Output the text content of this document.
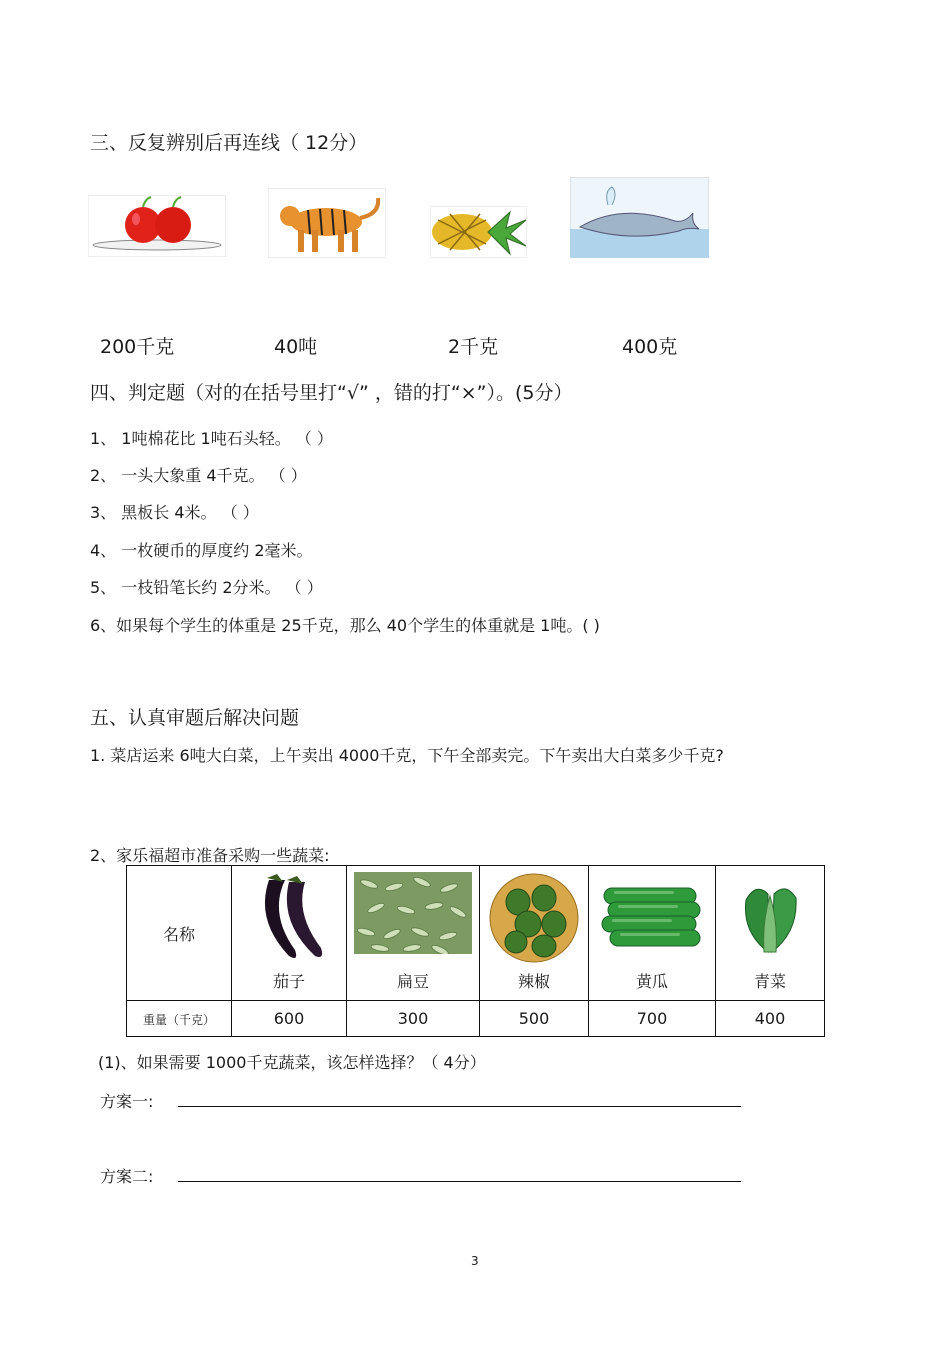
三、反复辨别后再连线（ 12分）
200千克	40吨	2千克	400克
四、判定题（对的在括号里打“√” ，错的打“×”）。(5分）
1、 1吨棉花比 1吨石头轻。 （ ）
2、 一头大象重 4千克。 （ ）
3、 黑板长 4米。 （ ）
4、 一枚硬币的厚度约 2毫米。
5、 一枝铅笔长约 2分米。 （ ）
6、如果每个学生的体重是 25千克，那么 40个学生的体重就是 1吨。( )
五、认真审题后解决问题
1. 菜店运来 6吨大白菜，上午卖出 4000千克，下午全部卖完。下午卖出大白菜多少千克?
2、家乐福超市准备采购一些蔬菜:
名称	茄子	扁豆	辣椒	黄瓜	青菜

重量（千克）	600	300	500	700	400
(1)、如果需要 1000千克蔬菜，该怎样选择？（ 4分）
方案一:
方案二:
3
